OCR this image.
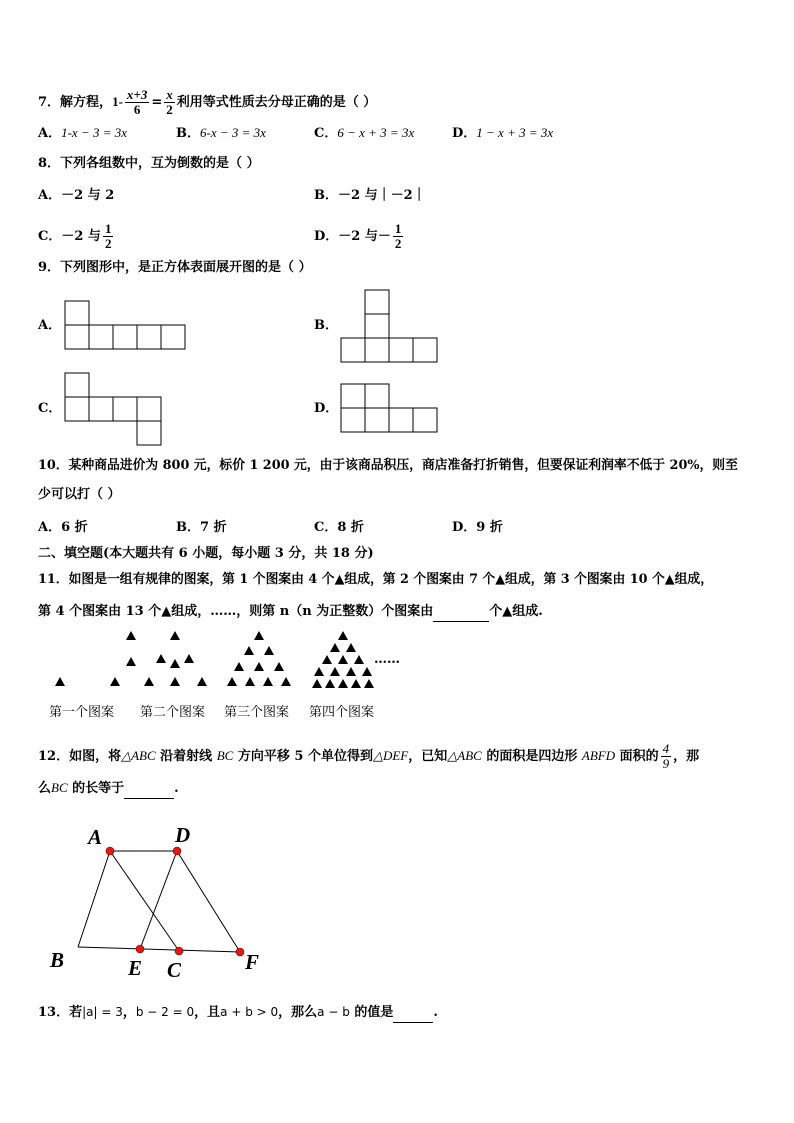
7．解方程，$1- \frac{x+3}{6} = \frac{x}{2}$ 利用等式性质去分母正确的是（ ）
A．1-x − 3 = 3x	B．6-x − 3 = 3x	C．6 − x + 3 = 3x	D．1 − x + 3 = 3x
8．下列各组数中，互为倒数的是（ ）
A．－2 与 2	B．－2 与｜－2｜
C．－2 与 $\frac{1}{2}$	D．－2 与－ $\frac{1}{2}$
9．下列图形中，是正方体表面展开图的是（ ）
A．	B．
C．	D．
10．某种商品进价为 800 元，标价 1 200 元，由于该商品积压，商店准备打折销售，但要保证利润率不低于 20%，则至
少可以打（ ）
A．6 折	B．7 折	C．8 折	D．9 折
二、填空题(本大题共有 6 小题，每小题 3 分，共 18 分)
11．如图是一组有规律的图案，第 1 个图案由 4 个▲组成，第 2 个图案由 7 个▲组成，第 3 个图案由 10 个▲组成，
第 4 个图案由 13 个▲组成，……，则第 n（n 为正整数）个图案由	个▲组成.
……
第一个图案 第二个图案 第三个图案 第四个图案
12．如图，将△ABC 沿着射线 BC 方向平移 5 个单位得到△DEF，已知△ABC 的面积是四边形 ABFD 面积的 $\frac{4}{9}$ ，那
么BC 的长等于	.
A	D
B	E C	F
13．若|a| = 3，b − 2 = 0，且a + b > 0，那么a − b 的值是	.
